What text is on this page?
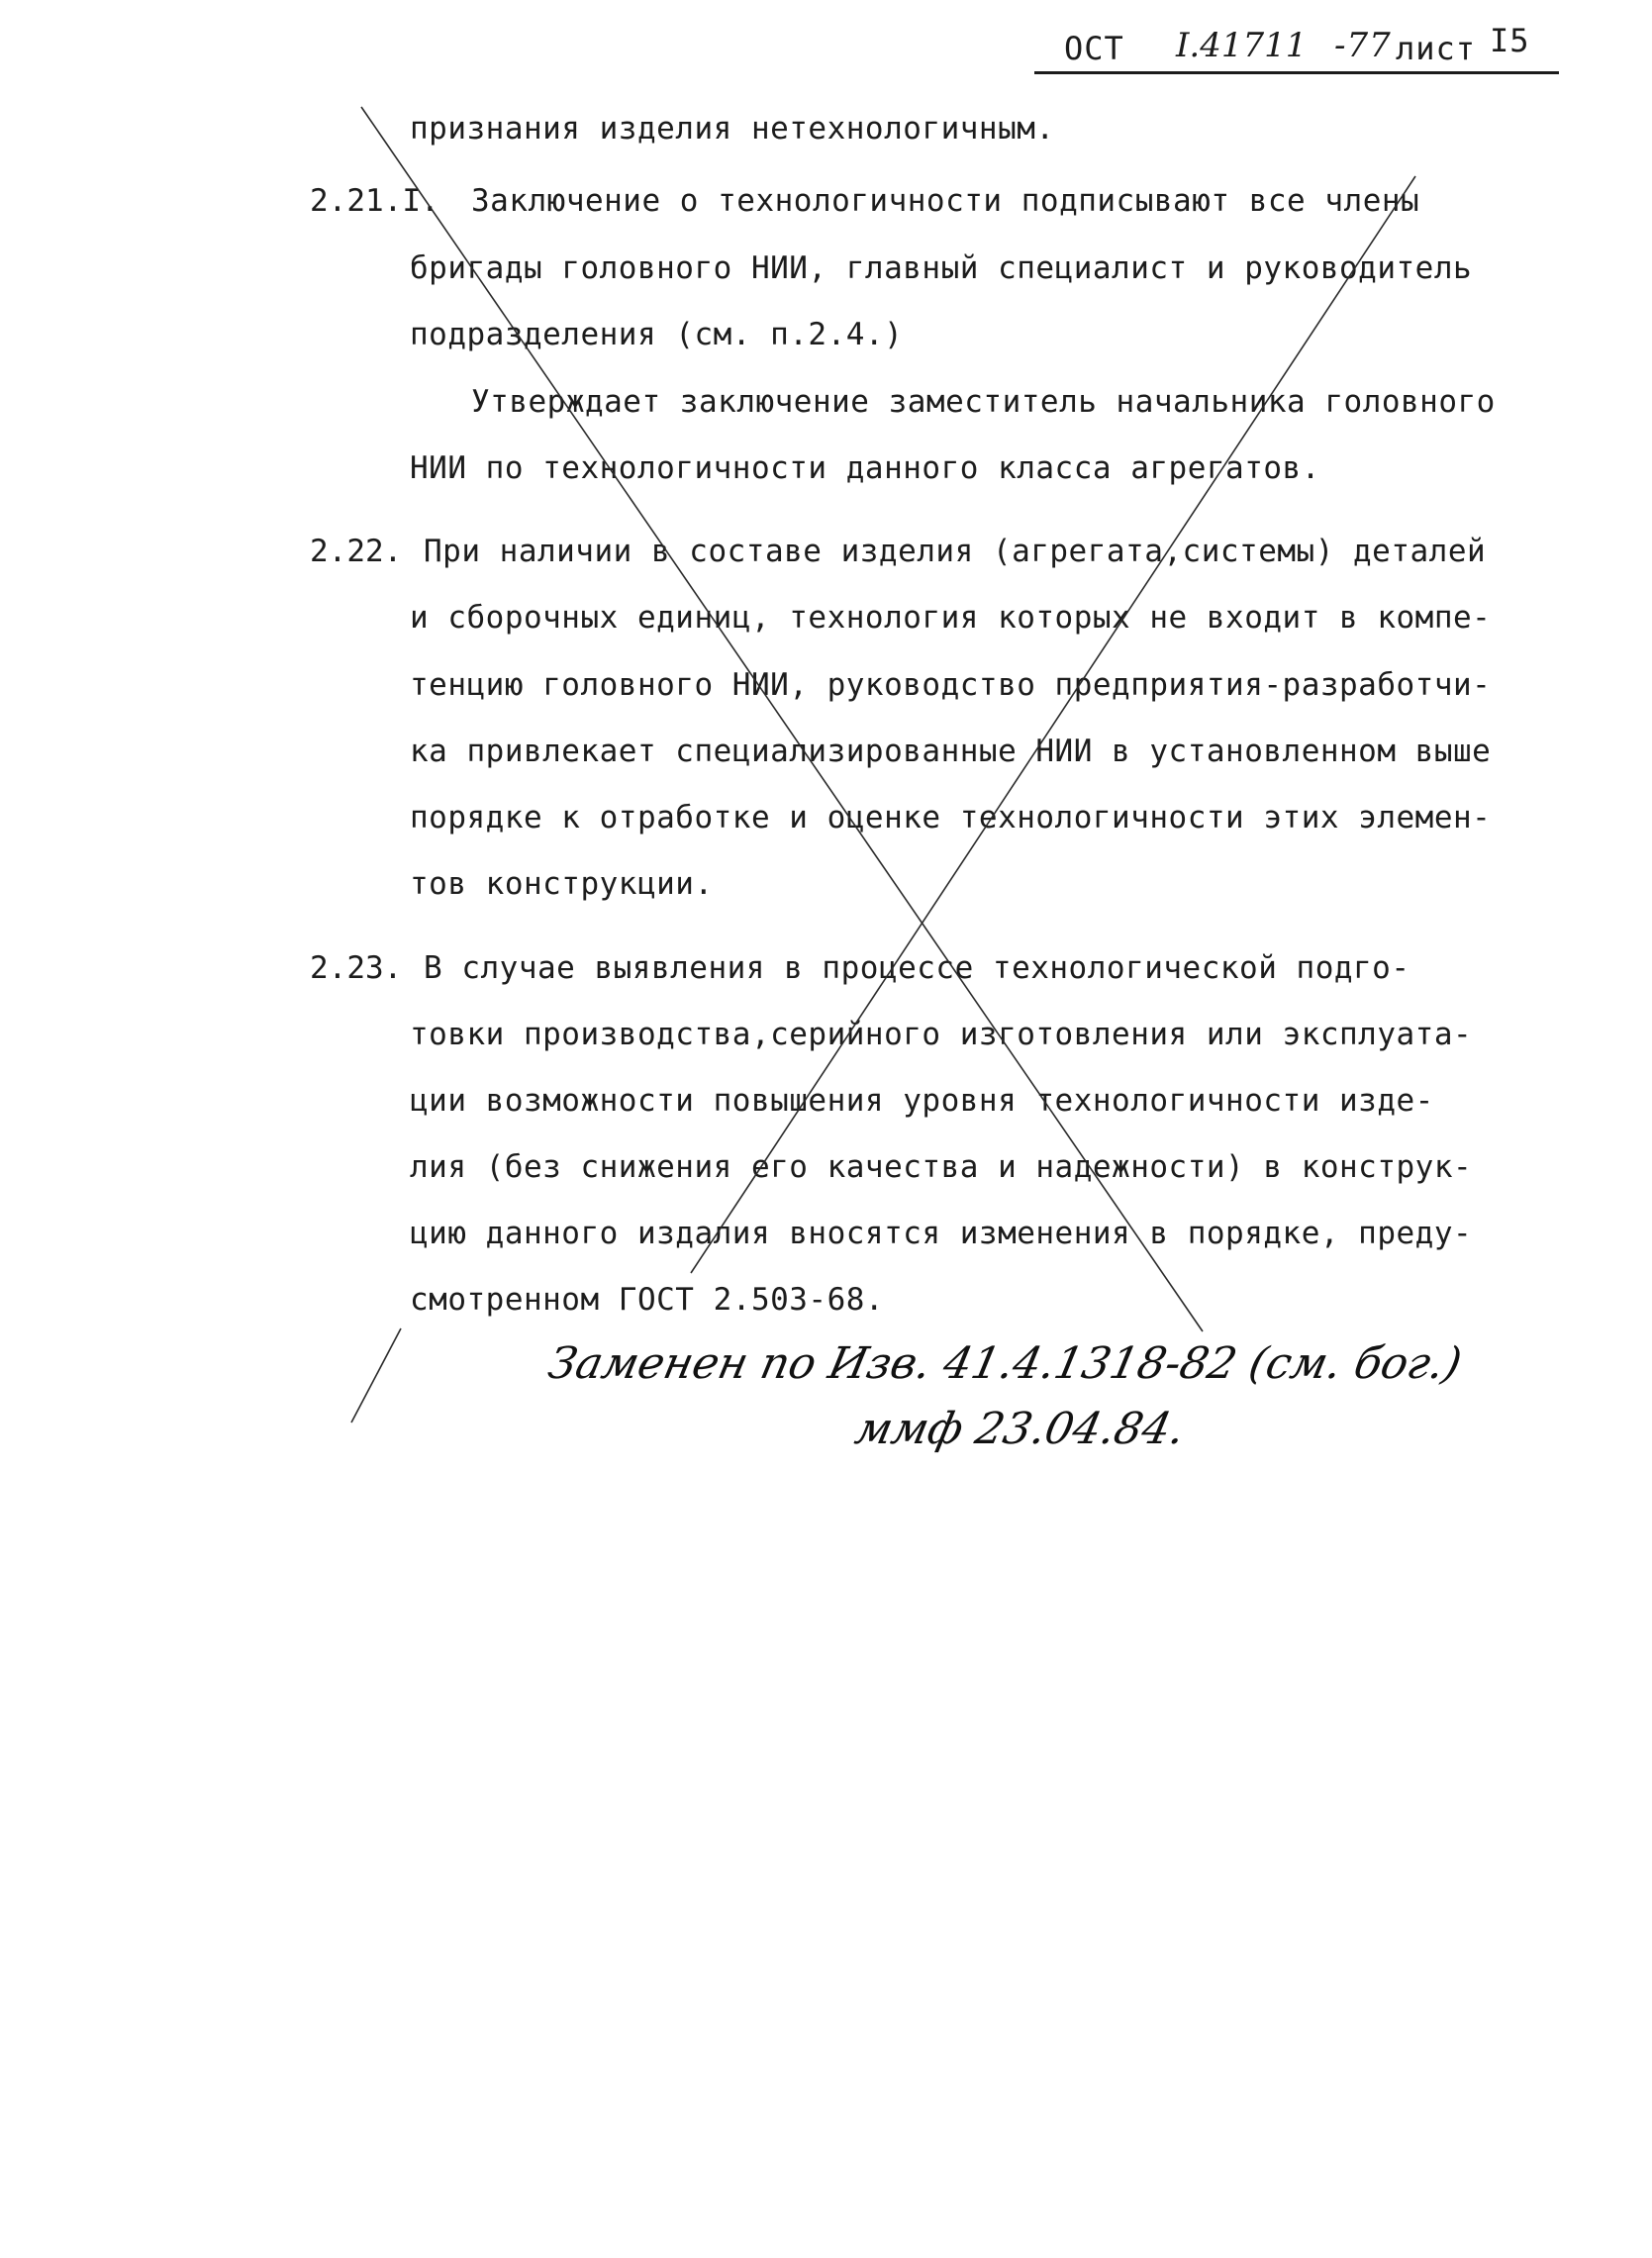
ОСТ I.41711 -77 лист I5
признания изделия нетехнологичным.
2.21.I. Заключение о технологичности подписывают все члены
бригады головного НИИ, главный специалист и руководитель
подразделения (см. п.2.4.)
Утверждает заключение заместитель начальника головного
НИИ по технологичности данного класса агрегатов.
2.22. При наличии в составе изделия (агрегата,системы) деталей
и сборочных единиц, технология которых не входит в компе-
тенцию головного НИИ, руководство предприятия-разработчи-
ка привлекает специализированные НИИ в установленном выше
порядке к отработке и оценке технологичности этих элемен-
тов конструкции.
2.23. В случае выявления в процессе технологической подго-
товки производства,серийного изготовления или эксплуата-
ции возможности повышения уровня технологичности изде-
лия (без снижения его качества и надежности) в конструк-
цию данного издалия вносятся изменения в порядке, преду-
смотренном ГОСТ 2.503-68.
Заменен по Изв. 41.4.1318-82 (см. бог.)
ммф 23.04.84.
